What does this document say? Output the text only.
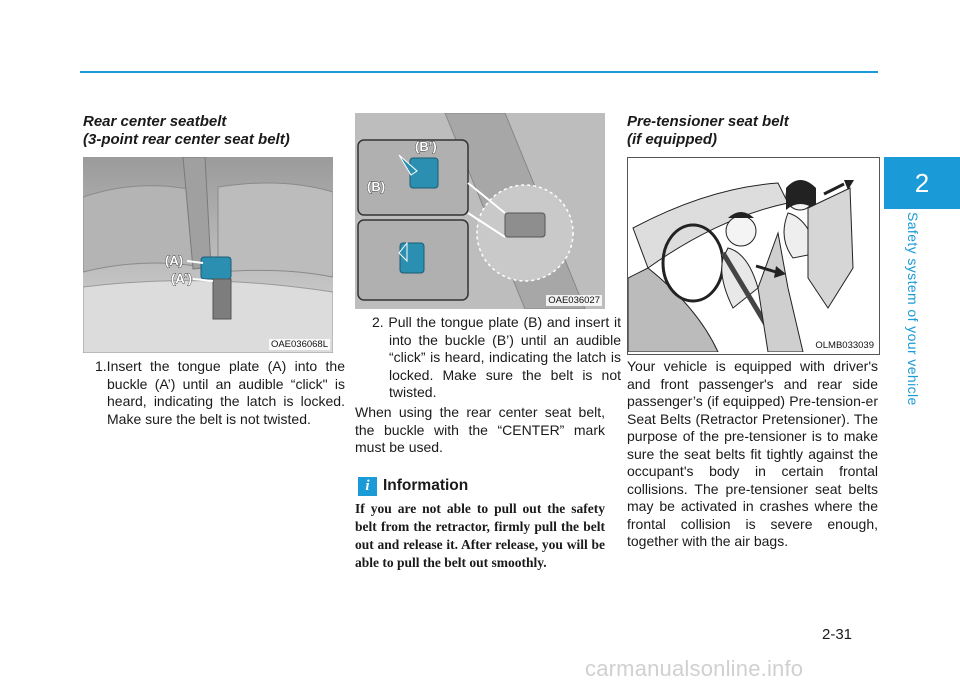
2
Safety system of your vehicle
Rear center seatbelt
(3-point rear center seat belt)
(A)
(A’)
OAE036068L
1.Insert the tongue plate (A) into the buckle (A’) until an audible “click" is heard, indicating the latch is locked. Make sure the belt is not twisted.
(B’)
(B)
OAE036027
2. Pull the tongue plate (B) and insert it into the buckle (B’) until an audible “click” is heard, indicating the latch is locked. Make sure the belt is not twisted.
When using the rear center seat belt, the buckle with the “CENTER” mark must be used.
i Information
If you are not able to pull out the safety belt from the retractor, firmly pull the belt out and release it. After release, you will be able to pull the belt out smoothly.
Pre-tensioner seat belt
(if equipped)
OLMB033039
Your vehicle is equipped with driver's and front passenger's and rear side passenger’s (if equipped) Pre-tension-er Seat Belts (Retractor Pretensioner). The purpose of the pre-tensioner is to make sure the seat belts fit tightly against the occupant's body in certain frontal collisions. The pre-tensioner seat belts may be activated in crashes where the frontal collision is severe enough, together with the air bags.
2-31
carmanualsonline.info
